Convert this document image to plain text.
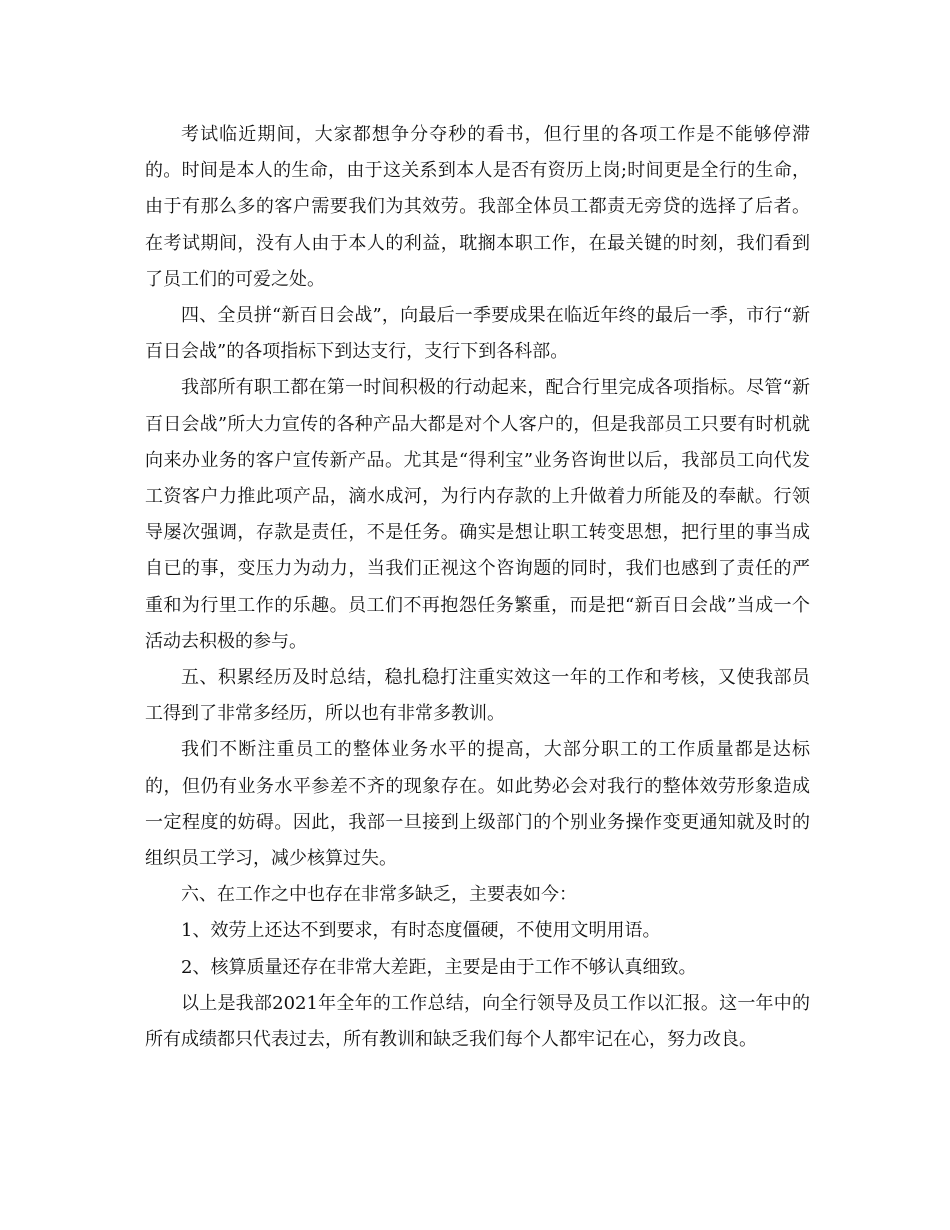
考试临近期间，大家都想争分夺秒的看书，但行里的各项工作是不能够停滞的。时间是本人的生命，由于这关系到本人是否有资历上岗;时间更是全行的生命，由于有那么多的客户需要我们为其效劳。我部全体员工都责无旁贷的选择了后者。在考试期间，没有人由于本人的利益，耽搁本职工作，在最关键的时刻，我们看到了员工们的可爱之处。

四、全员拼“新百日会战”，向最后一季要成果在临近年终的最后一季，市行“新百日会战”的各项指标下到达支行，支行下到各科部。

我部所有职工都在第一时间积极的行动起来，配合行里完成各项指标。尽管“新百日会战”所大力宣传的各种产品大都是对个人客户的，但是我部员工只要有时机就向来办业务的客户宣传新产品。尤其是“得利宝”业务咨询世以后，我部员工向代发工资客户力推此项产品，滴水成河，为行内存款的上升做着力所能及的奉献。行领导屡次强调，存款是责任，不是任务。确实是想让职工转变思想，把行里的事当成自已的事，变压力为动力，当我们正视这个咨询题的同时，我们也感到了责任的严重和为行里工作的乐趣。员工们不再抱怨任务繁重，而是把“新百日会战”当成一个活动去积极的参与。

五、积累经历及时总结，稳扎稳打注重实效这一年的工作和考核，又使我部员工得到了非常多经历，所以也有非常多教训。

我们不断注重员工的整体业务水平的提高，大部分职工的工作质量都是达标的，但仍有业务水平参差不齐的现象存在。如此势必会对我行的整体效劳形象造成一定程度的妨碍。因此，我部一旦接到上级部门的个别业务操作变更通知就及时的组织员工学习，减少核算过失。

六、在工作之中也存在非常多缺乏，主要表如今：

1、效劳上还达不到要求，有时态度僵硬，不使用文明用语。

2、核算质量还存在非常大差距，主要是由于工作不够认真细致。

以上是我部2021年全年的工作总结，向全行领导及员工作以汇报。这一年中的所有成绩都只代表过去，所有教训和缺乏我们每个人都牢记在心，努力改良。
